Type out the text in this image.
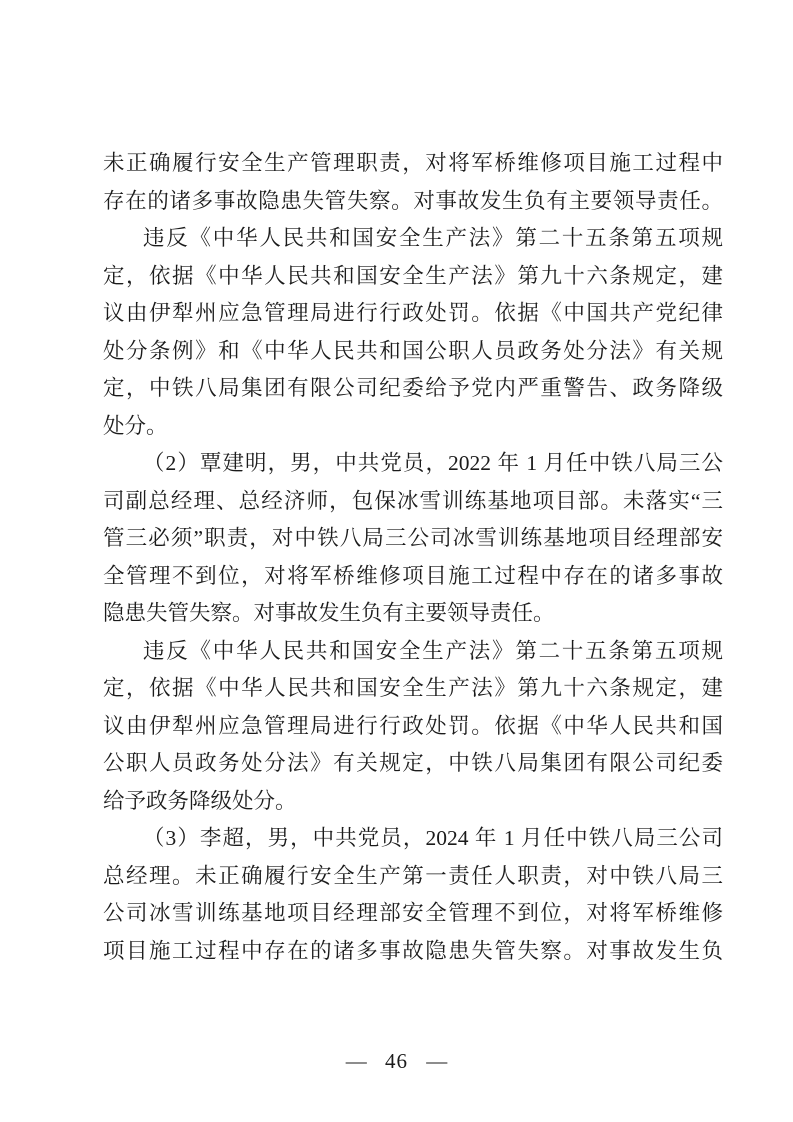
未正确履行安全生产管理职责，对将军桥维修项目施工过程中
存在的诸多事故隐患失管失察。对事故发生负有主要领导责任。
违反《中华人民共和国安全生产法》第二十五条第五项规
定，依据《中华人民共和国安全生产法》第九十六条规定，建
议由伊犁州应急管理局进行行政处罚。依据《中国共产党纪律
处分条例》和《中华人民共和国公职人员政务处分法》有关规
定，中铁八局集团有限公司纪委给予党内严重警告、政务降级
处分。
（2）覃建明，男，中共党员，2022 年 1 月任中铁八局三公
司副总经理、总经济师，包保冰雪训练基地项目部。未落实“三
管三必须”职责，对中铁八局三公司冰雪训练基地项目经理部安
全管理不到位，对将军桥维修项目施工过程中存在的诸多事故
隐患失管失察。对事故发生负有主要领导责任。
违反《中华人民共和国安全生产法》第二十五条第五项规
定，依据《中华人民共和国安全生产法》第九十六条规定，建
议由伊犁州应急管理局进行行政处罚。依据《中华人民共和国
公职人员政务处分法》有关规定，中铁八局集团有限公司纪委
给予政务降级处分。
（3）李超，男，中共党员，2024 年 1 月任中铁八局三公司
总经理。未正确履行安全生产第一责任人职责，对中铁八局三
公司冰雪训练基地项目经理部安全管理不到位，对将军桥维修
项目施工过程中存在的诸多事故隐患失管失察。对事故发生负
— 46 —
